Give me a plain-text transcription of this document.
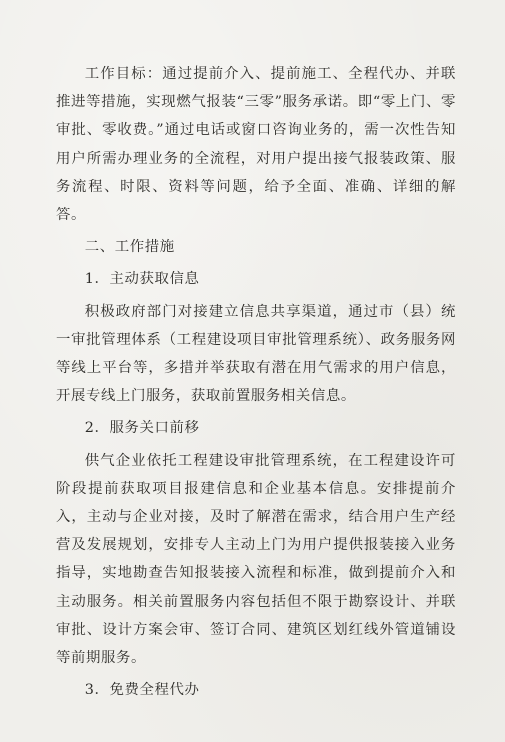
工作目标：通过提前介入、提前施工、全程代办、并联推进等措施，实现燃气报装“三零”服务承诺。即“零上门、零审批、零收费。”通过电话或窗口咨询业务的，需一次性告知用户所需办理业务的全流程，对用户提出接气报装政策、服务流程、时限、资料等问题，给予全面、准确、详细的解答。

二、工作措施

1．主动获取信息

积极政府部门对接建立信息共享渠道，通过市（县）统一审批管理体系（工程建设项目审批管理系统）、政务服务网等线上平台等，多措并举获取有潜在用气需求的用户信息，开展专线上门服务，获取前置服务相关信息。

2．服务关口前移

供气企业依托工程建设审批管理系统，在工程建设许可阶段提前获取项目报建信息和企业基本信息。安排提前介入，主动与企业对接，及时了解潜在需求，结合用户生产经营及发展规划，安排专人主动上门为用户提供报装接入业务指导，实地勘查告知报装接入流程和标准，做到提前介入和主动服务。相关前置服务内容包括但不限于勘察设计、并联审批、设计方案会审、签订合同、建筑区划红线外管道铺设等前期服务。

3．免费全程代办
